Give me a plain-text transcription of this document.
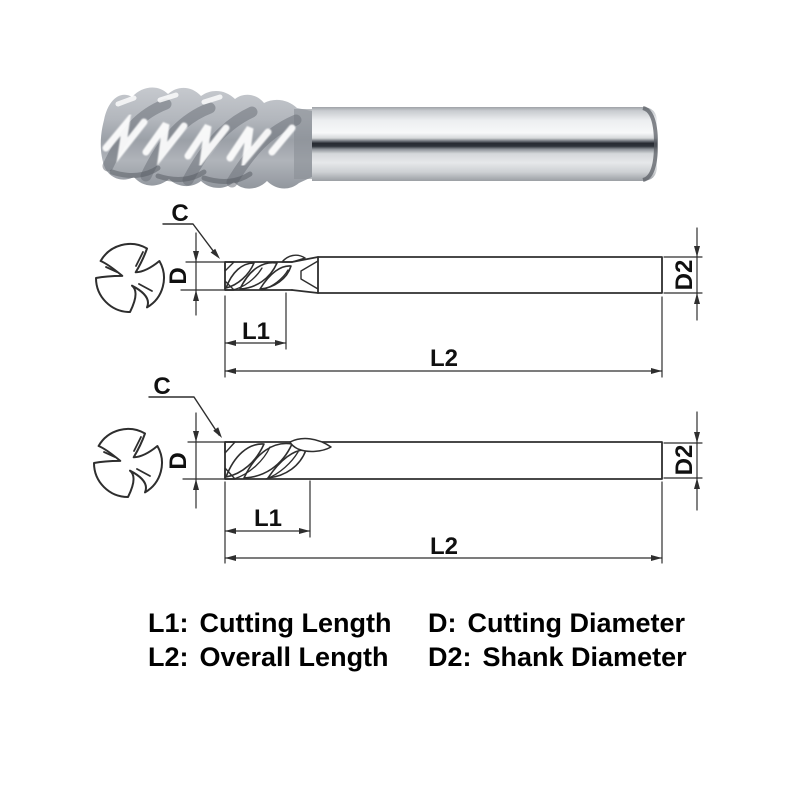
C
D	D2
L1
L2
C
D	D2
L1
L2
L1: Cutting Length
L2: Overall Length
D: Cutting Diameter
D2: Shank Diameter
